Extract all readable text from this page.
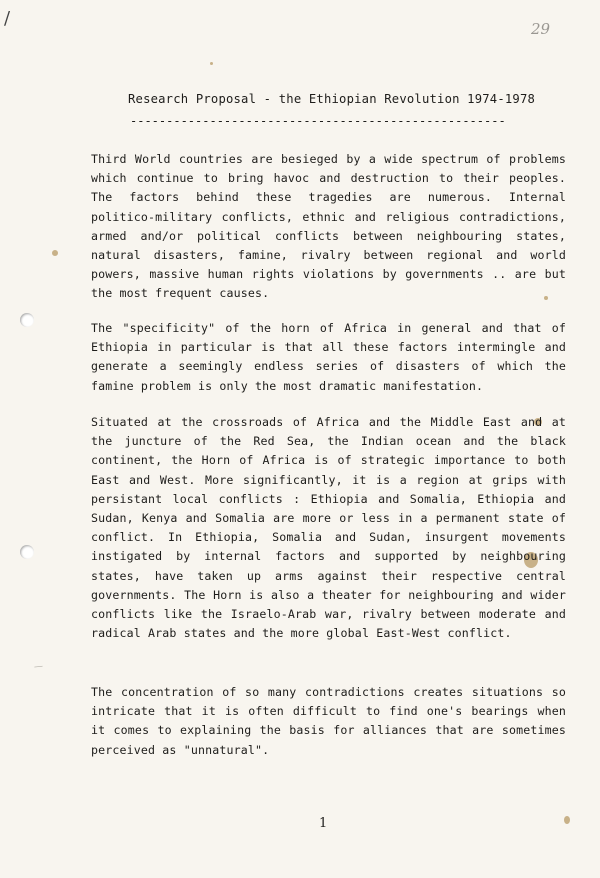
/	29
—
Research Proposal - the Ethiopian Revolution 1974-1978
----------------------------------------------------
Third World countries are besieged by a wide spectrum of problems which continue to bring havoc and destruction to their peoples. The factors behind these tragedies are numerous. Internal politico-military conflicts, ethnic and religious contradictions, armed and/or political conflicts between neighbouring states, natural disasters, famine, rivalry between regional and world powers, massive human rights violations by governments .. are but the most frequent causes.
The "specificity" of the horn of Africa in general and that of Ethiopia in particular is that all these factors intermingle and generate a seemingly endless series of disasters of which the famine problem is only the most dramatic manifestation.
Situated at the crossroads of Africa and the Middle East and at the juncture of the Red Sea, the Indian ocean and the black continent, the Horn of Africa is of strategic importance to both East and West. More significantly, it is a region at grips with persistant local conflicts : Ethiopia and Somalia, Ethiopia and Sudan, Kenya and Somalia are more or less in a permanent state of conflict. In Ethiopia, Somalia and Sudan, insurgent movements instigated by internal factors and supported by neighbouring states, have taken up arms against their respective central governments. The Horn is also a theater for neighbouring and wider conflicts like the Israelo-Arab war, rivalry between moderate and radical Arab states and the more global East-West conflict.
The concentration of so many contradictions creates situations so intricate that it is often difficult to find one's bearings when it comes to explaining the basis for alliances that are sometimes perceived as "unnatural".
1
